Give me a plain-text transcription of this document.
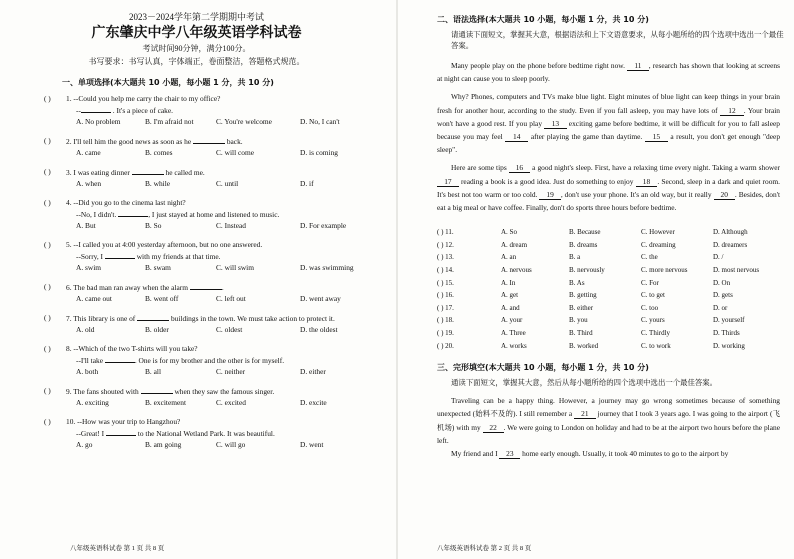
2023－2024学年第二学期期中考试
广东肇庆中学八年级英语学科试卷
考试时间90分钟，满分100分。
书写要求：书写认真，字体端正，卷面整洁，答题格式规范。
一、单项选择(本大题共 10 小题，每小题 1 分，共 10 分)
( )	1. --Could you help me carry the chair to my office?
--	. It's a piece of cake.
A. No problem	B. I'm afraid not	C. You're welcome	D. No, I can't
( )	2. I'll tell him the good news as soon as he	back.
A. came	B. comes	C. will come	D. is coming
( )	3. I was eating dinner	he called me.
A. when	B. while	C. until	D. if
( )	4. --Did you go to the cinema last night?
--No, I didn't.	, I just stayed at home and listened to music.
A. But	B. So	C. Instead	D. For example
( )	5. --I called you at 4:00 yesterday afternoon, but no one answered.
--Sorry, I	with my friends at that time.
A. swim	B. swam	C. will swim	D. was swimming
( )	6. The bad man ran away when the alarm	.
A. came out	B. went off	C. left out	D. went away
( )	7. This library is one of	buildings in the town. We must take action to protect it.
A. old	B. older	C. oldest	D. the oldest
( )	8. --Which of the two T-shirts will you take?
--I'll take	. One is for my brother and the other is for myself.
A. both	B. all	C. neither	D. either
( )	9. The fans shouted with	when they saw the famous singer.
A. exciting	B. excitement	C. excited	D. excite
( )	10. --How was your trip to Hangzhou?
--Great! I	to the National Wetland Park. It was beautiful.
A. go	B. am going	C. will go	D. went
八年级英语科试卷 第 1 页 共 8 页
二、语法选择(本大题共 10 小题，每小题 1 分，共 10 分)
请通读下面短文，掌握其大意，根据语法和上下文语意要求，从每小题所给的四个选项中选出一个最佳答案。
Many people play on the phone before bedtime right now.   11  , research has shown that looking at screens at night can cause you to sleep poorly.
Why? Phones, computers and TVs make blue light. Eight minutes of blue light can keep things in your brain fresh for another hour, according to the study. Even if you fall asleep, you may have lots of   12  . Your brain won't have a good rest. If you play   13   exciting game before bedtime, it will be difficult for you to fall asleep because you may feel   14   after playing the game than daytime.   15   a result, you don't get enough "deep sleep".
Here are some tips   16   a good night's sleep. First, have a relaxing time every night. Taking a warm shower   17   reading a book is a good idea. Just do something to enjoy   18  . Second, sleep in a dark and quiet room. It's best not too warm or too cold.   19  , don't use your phone. It's an old way, but it really   20  . Besides, don't eat a big meal or have coffee. Finally, don't do sports three hours before bedtime.
( ) 11.	A. So	B. Because	C. However	D. Although
( ) 12.	A. dream	B. dreams	C. dreaming	D. dreamers
( ) 13.	A. an	B. a	C. the	D. /
( ) 14.	A. nervous	B. nervously	C. more nervous	D. most nervous
( ) 15.	A. In	B. As	C. For	D. On
( ) 16.	A. get	B. getting	C. to get	D. gets
( ) 17.	A. and	B. either	C. too	D. or
( ) 18.	A. your	B. you	C. yours	D. yourself
( ) 19.	A. Three	B. Third	C. Thirdly	D. Thirds
( ) 20.	A. works	B. worked	C. to work	D. working
三、完形填空(本大题共 10 小题，每小题 1 分，共 10 分)
通读下面短文，掌握其大意，然后从每小题所给的四个选项中选出一个最佳答案。
Traveling can be a happy thing. However, a journey may go wrong sometimes because of something unexpected (始料不及的). I still remember a   21   journey that I took 3 years ago. I was going to the airport (飞机场) with my   22  . We were going to London on holiday and had to be at the airport two hours before the plane left.
My friend and I   23   home early enough. Usually, it took 40 minutes to go to the airport by
八年级英语科试卷 第 2 页 共 8 页
